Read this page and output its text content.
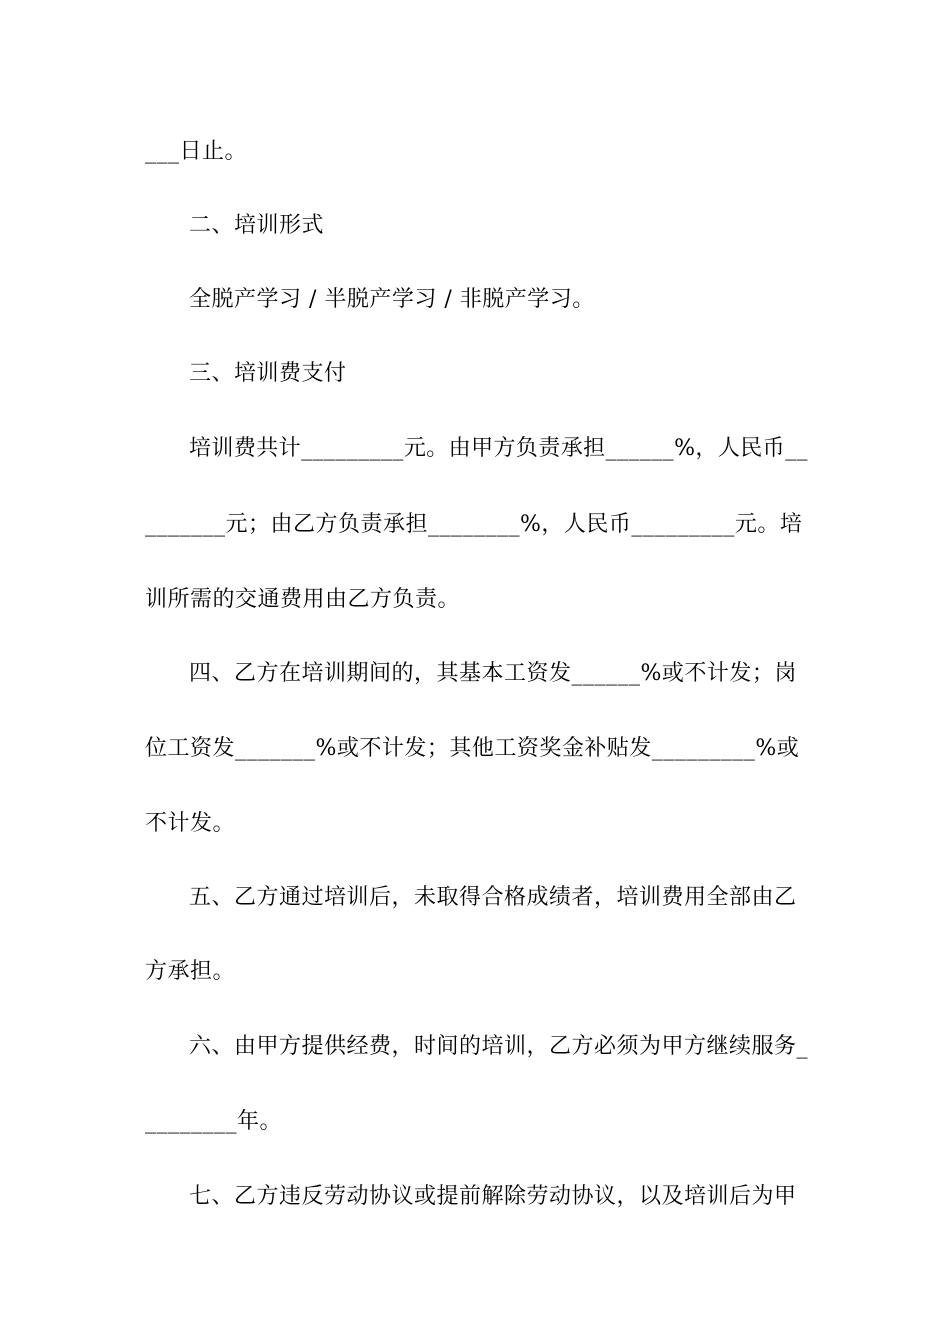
___日止。
二、培训形式
全脱产学习 / 半脱产学习 / 非脱产学习。
三、培训费支付
培训费共计_________元。由甲方负责承担______%，人民币__
_______元；由乙方负责承担________%，人民币_________元。培
训所需的交通费用由乙方负责。
四、乙方在培训期间的，其基本工资发______%或不计发；岗
位工资发_______%或不计发；其他工资奖金补贴发_________%或
不计发。
五、乙方通过培训后，未取得合格成绩者，培训费用全部由乙
方承担。
六、由甲方提供经费，时间的培训，乙方必须为甲方继续服务_
________年。
七、乙方违反劳动协议或提前解除劳动协议，以及培训后为甲
